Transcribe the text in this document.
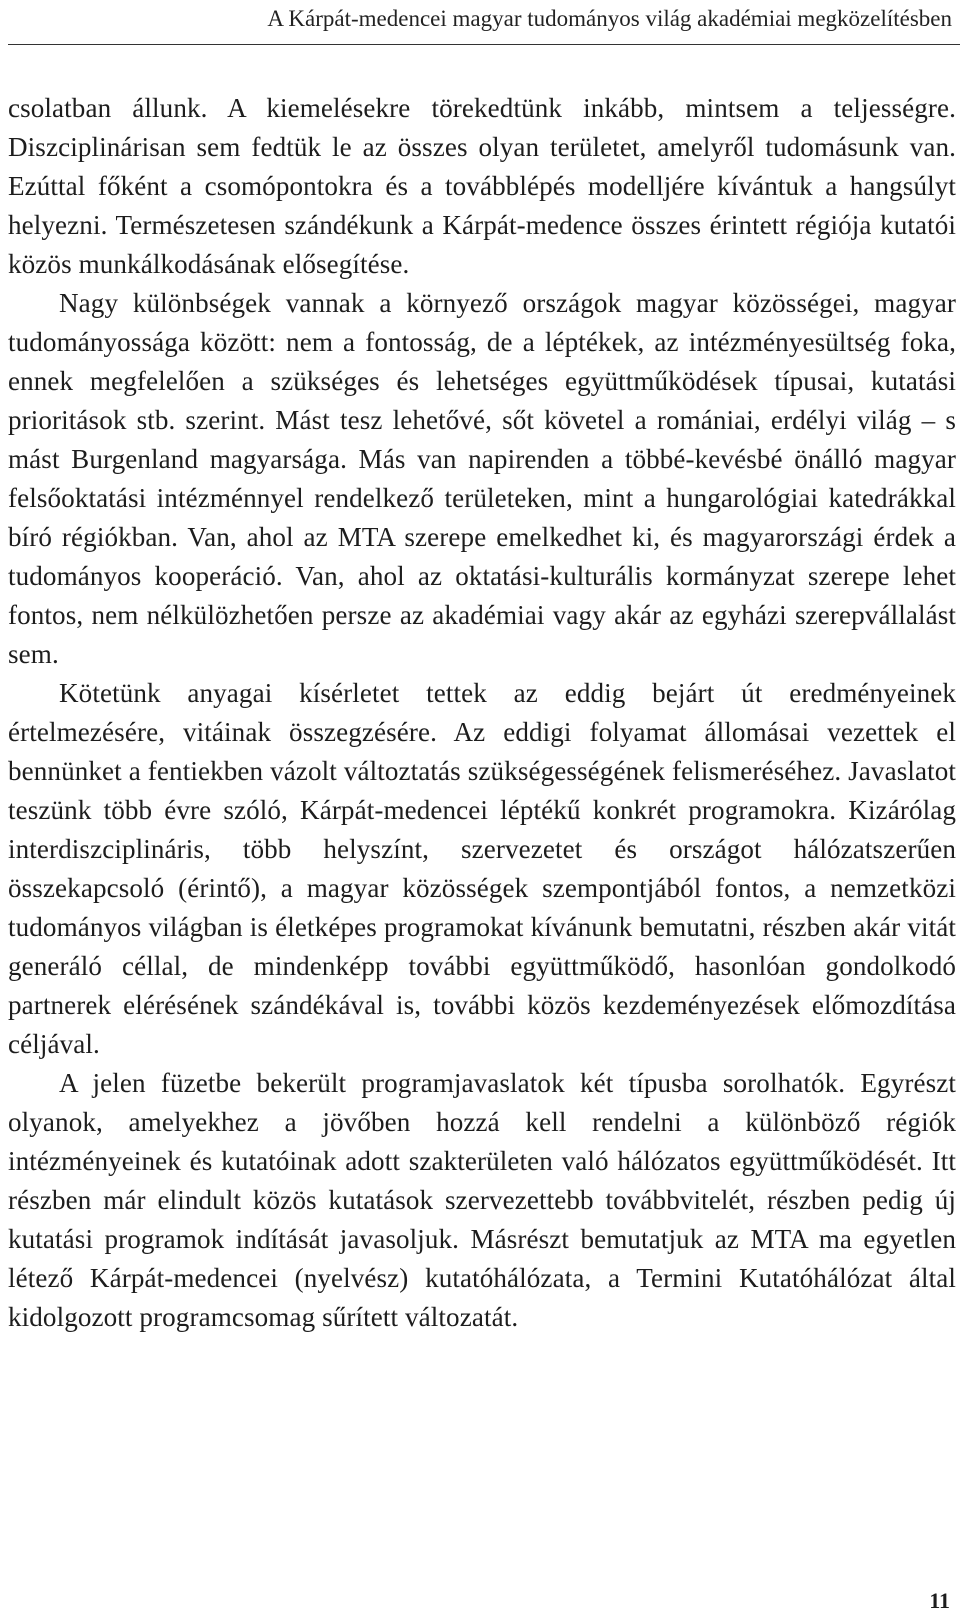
A Kárpát-medencei magyar tudományos világ akadémiai megközelítésben

csolatban állunk. A kiemelésekre törekedtünk inkább, mintsem a teljességre. Diszciplinárisan sem fedtük le az összes olyan területet, amelyről tudomásunk van. Ezúttal főként a csomópontokra és a továbblépés modelljére kívántuk a hangsúlyt helyezni. Természetesen szándékunk a Kárpát-medence összes érintett régiója kutatói közös munkálkodásának elősegítése.

Nagy különbségek vannak a környező országok magyar közösségei, magyar tudományossága között: nem a fontosság, de a léptékek, az intézményesültség foka, ennek megfelelően a szükséges és lehetséges együttműködések típusai, kutatási prioritások stb. szerint. Mást tesz lehetővé, sőt követel a romániai, erdélyi világ – s mást Burgenland magyarsága. Más van napirenden a többé-kevésbé önálló magyar felsőoktatási intézménnyel rendelkező területeken, mint a hungarológiai katedrákkal bíró régiókban. Van, ahol az MTA szerepe emelkedhet ki, és magyarországi érdek a tudományos kooperáció. Van, ahol az oktatási-kulturális kormányzat szerepe lehet fontos, nem nélkülözhetően persze az akadémiai vagy akár az egyházi szerepvállalást sem.

Kötetünk anyagai kísérletet tettek az eddig bejárt út eredményeinek értelmezésére, vitáinak összegzésére. Az eddigi folyamat állomásai vezettek el bennünket a fentiekben vázolt változtatás szükségességének felismeréséhez. Javaslatot teszünk több évre szóló, Kárpát-medencei léptékű konkrét programokra. Kizárólag interdiszciplináris, több helyszínt, szervezetet és országot hálózatszerűen összekapcsoló (érintő), a magyar közösségek szempontjából fontos, a nemzetközi tudományos világban is életképes programokat kívánunk bemutatni, részben akár vitát generáló céllal, de mindenképp további együttműködő, hasonlóan gondolkodó partnerek elérésének szándékával is, további közös kezdeményezések előmozdítása céljával.

A jelen füzetbe bekerült programjavaslatok két típusba sorolhatók. Egyrészt olyanok, amelyekhez a jövőben hozzá kell rendelni a különböző régiók intézményeinek és kutatóinak adott szakterületen való hálózatos együttműködését. Itt részben már elindult közös kutatások szervezettebb továbbvitelét, részben pedig új kutatási programok indítását javasoljuk. Másrészt bemutatjuk az MTA ma egyetlen létező Kárpát-medencei (nyelvész) kutatóhálózata, a Termini Kutatóhálózat által kidolgozott programcsomag sűrített változatát.

11
